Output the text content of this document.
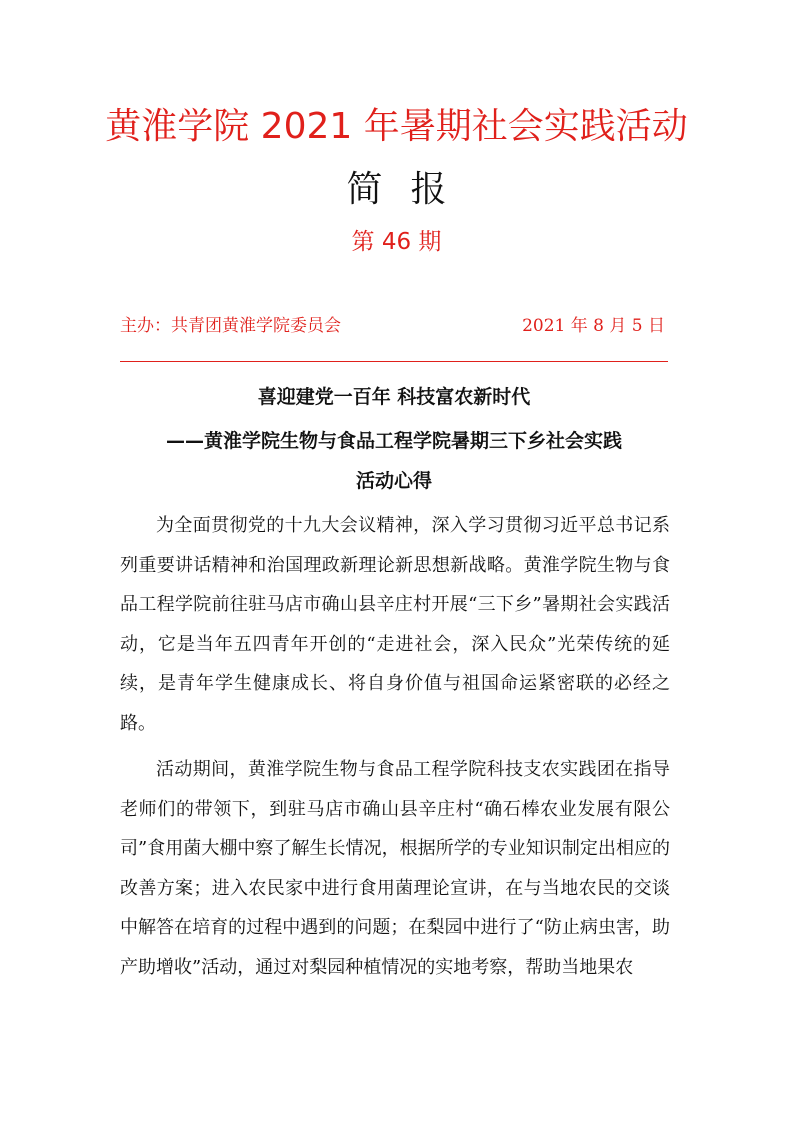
黄淮学院 2021 年暑期社会实践活动
简报
第 46 期
主办：共青团黄淮学院委员会	2021 年 8 月 5 日
喜迎建党一百年 科技富农新时代
——黄淮学院生物与食品工程学院暑期三下乡社会实践
活动心得

为全面贯彻党的十九大会议精神，深入学习贯彻习近平总书记系列重要讲话精神和治国理政新理论新思想新战略。黄淮学院生物与食品工程学院前往驻马店市确山县辛庄村开展“三下乡”暑期社会实践活动，它是当年五四青年开创的“走进社会，深入民众”光荣传统的延续，是青年学生健康成长、将自身价值与祖国命运紧密联的必经之路。

活动期间，黄淮学院生物与食品工程学院科技支农实践团在指导老师们的带领下，到驻马店市确山县辛庄村“确石棒农业发展有限公司”食用菌大棚中察了解生长情况，根据所学的专业知识制定出相应的改善方案；进入农民家中进行食用菌理论宣讲，在与当地农民的交谈中解答在培育的过程中遇到的问题；在梨园中进行了“防止病虫害，助产助增收”活动，通过对梨园种植情况的实地考察，帮助当地果农
